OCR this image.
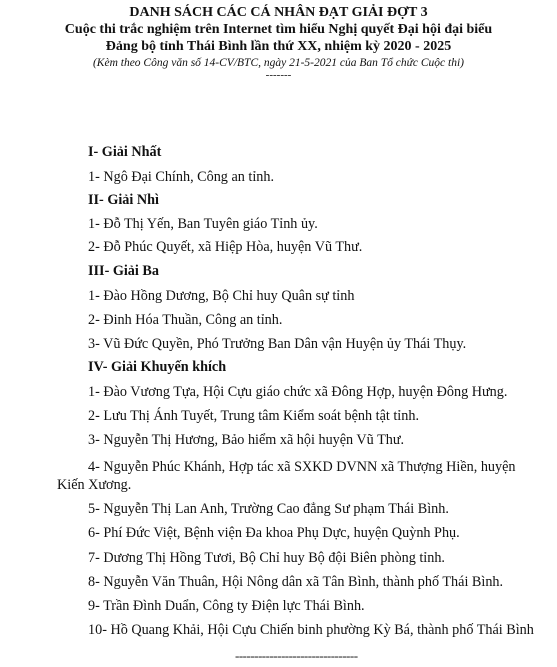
DANH SÁCH CÁC CÁ NHÂN ĐẠT GIẢI ĐỢT 3
Cuộc thi trắc nghiệm trên Internet tìm hiểu Nghị quyết Đại hội đại biểu
Đảng bộ tỉnh Thái Bình lần thứ XX, nhiệm kỳ 2020 - 2025
(Kèm theo Công văn số 14-CV/BTC, ngày 21-5-2021 của Ban Tổ chức Cuộc thi)
-------
I- Giải Nhất
1- Ngô Đại Chính, Công an tỉnh.
II- Giải Nhì
1- Đỗ Thị Yến, Ban Tuyên giáo Tỉnh ủy.
2- Đỗ Phúc Quyết, xã Hiệp Hòa, huyện Vũ Thư.
III- Giải Ba
1- Đào Hồng Dương, Bộ Chỉ huy Quân sự tỉnh
2- Đinh Hóa Thuần, Công an tỉnh.
3- Vũ Đức Quyền, Phó Trưởng Ban Dân vận Huyện ủy Thái Thụy.
IV- Giải Khuyến khích
1- Đào Vương Tựa, Hội Cựu giáo chức xã Đông Hợp, huyện Đông Hưng.
2- Lưu Thị Ánh Tuyết, Trung tâm Kiểm soát bệnh tật tỉnh.
3- Nguyễn Thị Hương, Bảo hiểm xã hội huyện Vũ Thư.
4- Nguyễn Phúc Khánh, Hợp tác xã SXKD DVNN xã Thượng Hiền, huyện
Kiến Xương.
5- Nguyễn Thị Lan Anh, Trường Cao đẳng Sư phạm Thái Bình.
6- Phí Đức Việt, Bệnh viện Đa khoa Phụ Dực, huyện Quỳnh Phụ.
7- Dương Thị Hồng Tươi, Bộ Chỉ huy Bộ đội Biên phòng tỉnh.
8- Nguyễn Văn Thuân, Hội Nông dân xã Tân Bình, thành phố Thái Bình.
9- Trần Đình Duẩn, Công ty Điện lực Thái Bình.
10- Hồ Quang Khải, Hội Cựu Chiến binh phường Kỳ Bá, thành phố Thái Bình
--------------------------------
